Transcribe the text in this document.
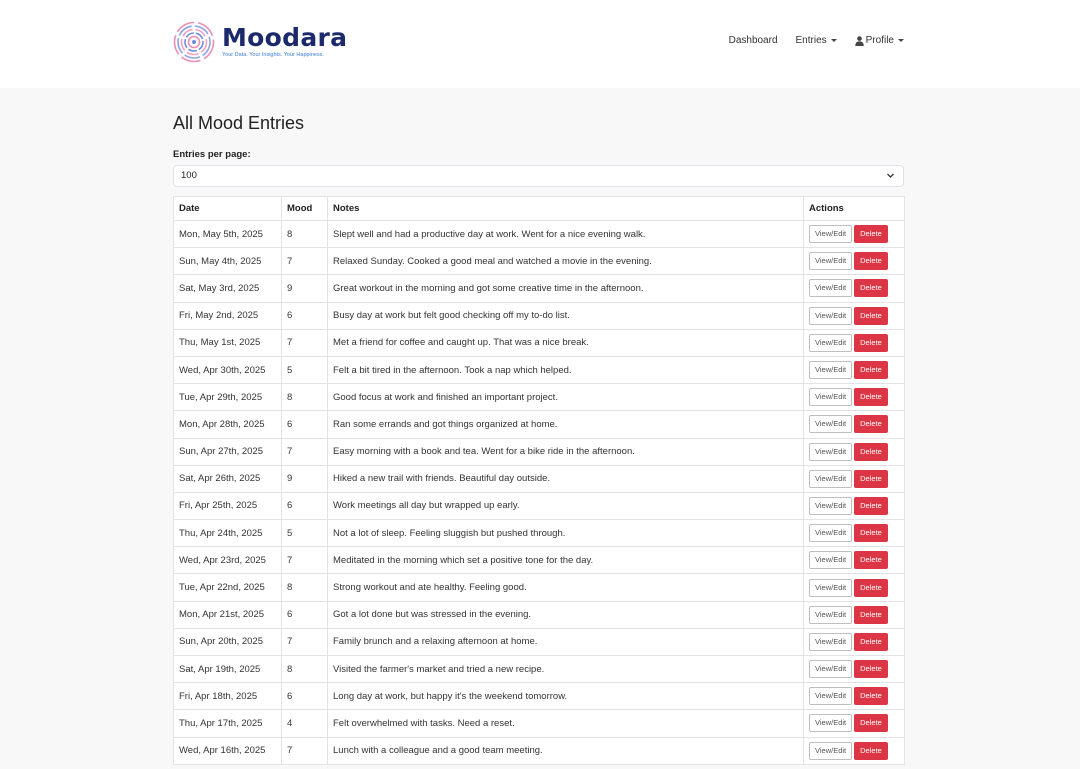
Moodara
Your Data. Your Insights. Your Happiness.
Dashboard Entries	Profile
All Mood Entries
Entries per page:
100
Date	Mood	Notes	Actions
Mon, May 5th, 2025	8	Slept well and had a productive day at work. Went for a nice evening walk.	View/Edit Delete
Sun, May 4th, 2025	7	Relaxed Sunday. Cooked a good meal and watched a movie in the evening.	View/Edit Delete
Sat, May 3rd, 2025	9	Great workout in the morning and got some creative time in the afternoon.	View/Edit Delete
Fri, May 2nd, 2025	6	Busy day at work but felt good checking off my to-do list.	View/Edit Delete
Thu, May 1st, 2025	7	Met a friend for coffee and caught up. That was a nice break.	View/Edit Delete
Wed, Apr 30th, 2025	5	Felt a bit tired in the afternoon. Took a nap which helped.	View/Edit Delete
Tue, Apr 29th, 2025	8	Good focus at work and finished an important project.	View/Edit Delete
Mon, Apr 28th, 2025	6	Ran some errands and got things organized at home.	View/Edit Delete
Sun, Apr 27th, 2025	7	Easy morning with a book and tea. Went for a bike ride in the afternoon.	View/Edit Delete
Sat, Apr 26th, 2025	9	Hiked a new trail with friends. Beautiful day outside.	View/Edit Delete
Fri, Apr 25th, 2025	6	Work meetings all day but wrapped up early.	View/Edit Delete
Thu, Apr 24th, 2025	5	Not a lot of sleep. Feeling sluggish but pushed through.	View/Edit Delete
Wed, Apr 23rd, 2025	7	Meditated in the morning which set a positive tone for the day.	View/Edit Delete
Tue, Apr 22nd, 2025	8	Strong workout and ate healthy. Feeling good.	View/Edit Delete
Mon, Apr 21st, 2025	6	Got a lot done but was stressed in the evening.	View/Edit Delete
Sun, Apr 20th, 2025	7	Family brunch and a relaxing afternoon at home.	View/Edit Delete
Sat, Apr 19th, 2025	8	Visited the farmer's market and tried a new recipe.	View/Edit Delete
Fri, Apr 18th, 2025	6	Long day at work, but happy it's the weekend tomorrow.	View/Edit Delete
Thu, Apr 17th, 2025	4	Felt overwhelmed with tasks. Need a reset.	View/Edit Delete
Wed, Apr 16th, 2025	7	Lunch with a colleague and a good team meeting.	View/Edit Delete
